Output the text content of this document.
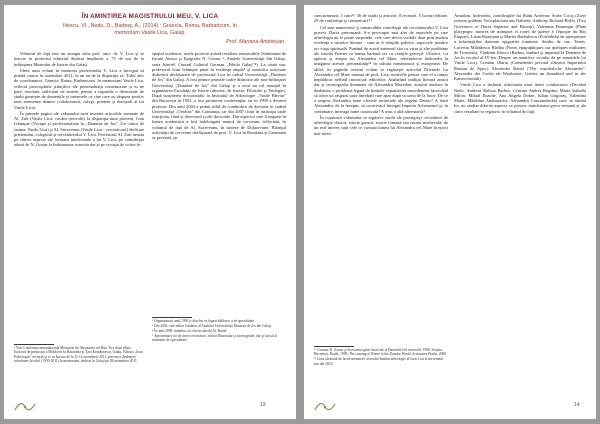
ÎN AMINTIREA MAGISTRULUI MEU, V. LICA
Iliescu, Vl., Nedu, D., Barboş, A., (2014) : Graecia, Roma, Barbaricum. In
memoriam Vasile Lica, Galaţi.
Prof. Mariana Andrieşan

Volumul de faţă este un omagiu adus prof. univ. dr. V. Lica şi se înscrie în proiectul editorial dedicat împlinirii a 75 de ani de la înfiinţarea Muzeului de Istorie din Galaţi.

Ideea unui volum în memoria profesorului V. Lica a încoţpat să prindă contur în noiembrie 2011, la un an de la dispariţia sa. Titlul ales de coordonatori, Graecia, Roma, Barbaricum. In memoriam Vasile Lica, reflectă preocupările ştiinţifice ale personalităţii comemorate şi m ne pare, totodată, sufficient de sintetic pentru a cuprinde o diversitate de studii generate de domeniile şi interesele ce căre care ou răspuns pozitiv unei asemenea demers (colaboratori, colegi, prieteni şi discipoli ai lui Vasile Lica).

În primele pagini ale volumului sunt inserate articolele semnate de Al. Zub (Vasile Lica: cuvânt (necrolit) la dispariţia unui prieten), Ivan Ivlampie (Vocaţie şi profesionalism la „Dunarea de Jos". Un cititor de seama: Vasile Lica) şi Al. Suceveanu (Vasile Lica - cercetătorul) dedicate prietenului, colegului şi cercetătorului V. Lica. Profesorul Al. Zub insista pe câteva aspecte ale formarii intelectuale a lui V. Lica, pe contribuţia adusă de N. Gostar la îndrumarea acestuia dar şi pe vocaţia de cititor în

¹ Vezi Conferinţa internaţională Memoriei lui Alexandru cel Bun. În a doua ediţie, Istoricul de primă aur a Moldovei la Basarabia şi Ţara Românească, Galaţi, Editura „Ioan Paleologue" rectorul şi se va bucura de la 11-12 noiembrie 2011, precum o dezbatere referitoare la rolul (1950-2011) în memoriam, dedicat în Galaţi pe 28 noiembrie 2011.

spaţiul academic, unele proiecte având rezultate remarcabile (Seminarul de Istorie Antica şi Epigrafie N. Gostar ², Analele Universităţii din Galaţi, seria Istorie³, Central Cultural German „Fibula Galaţi"⁴). La căută sau, profesorul Ivan Ivlampie pune în evidenţă ampla⁵ şi marinica activitate didactică desfăşurată de profesorul Lica în cadrul Universităţii „Dunărea de Jos" din Galaţi. A fost printre primele cadre didactice ale nou-înfiinţatei Universităţi „Dunărea de Jos" din Galaţi şi a avut un rol esenţial în organizarea Facultăţii de Istorie (ulterior, de Istorie, Filosofie şi Teologie). După susţinerea doctoratului la Institutul de Arheologie „Vasile Pârvan" din Bucureşti în 1992, a fost promovat conferenţiar, iar în 1999 a devenit profesor. Din anul 2004 a primit titlul de conducător de doctorat în cadrul Universităţii „Ovidius" din Constanţa, iar din 2007 chiar în instituţia unde funcţiona, fiind şi directorul şcolii doctorale. Dar aspectul care îi impune în lumea academică a fost îndelungata muncă de cercetare, reflectată, în volumul de faţă de Al. Suceveanu, în sinteze de Doktorvater. Bilanţul activităţii de cercetare desfăşurată de prof. V. Lica în România şi Germania se prezintă, pe

² Organizatorii anul 1990 şi deschis cu legata bibliotec a de specialitate.

³ Din 2002, este editor fondator al Analelor Universităţii Dunarea de Jos din Galaţi.

⁴ În anul 2009, membru al colectivului de Al. Rubel.

⁵ Aproximativ tot de tineri cercetători, istoria Bizantului şi istoriografie, dar şi cursul al seminarii de specialitate.

13

cum urmează: 3 carti¹², 36 de studii şi articole, 8 recenzii, 5 lucrari editate, 29 de conferinţe şi comunicari.¹³

Cel mai numeroase şi remarcabile contribuţii ale cercetătorului V. Lica privesc Dacia preromană. S-a preocupat mai ales de aspectele pe care arheologia nu le poate surprinde, cele care devin vizibile doar prin analiza evidenţă a surselor literare - cum ar fi relaţiile politice, aspectele juridice ori viaţa spirituală. Punând de acord interesul său ca vizat şi alte probleme ale istoriei Romei cu lumea barbară ori cu cetăţile greceşti. Ulterior, s-a aplecat şi asupra lui Alexandru cel Mare, referindu-se îndeosebi la imaginea acestei personalităţi¹⁴ în cultura românească şi europeană. De altfel, în paginile acestui volum se regăseşte articolul Dilemele lui Alexandru cel Mare semnat de prof. Lica, motivele pentru care el a ramas nepublicat nefiind cunoscute editorilor. Analizând tradiţia literară antică dar şi istoriografia dominate de Alexandru Macedon, autorul readuce în dezbatere o problemă legată de limitele expansiunii macedonene încercând să ofere un răspuns unor întrebări care apar după victoria de la Issos: De ce a respins Alexandru toate ofertele teritoriale ale regelui Darius? A dorit Alexandru, de la început, să cucerească întregul Imperiu Achemenid şi, în continuare, întreaga lume cunoscută? A avut o altă alternativă?

În cuprinsul volumului se regăsesc studii ale prestigioşi cercetători de arheologie clasică, istorie greacă, istorie romană sau istorie medievală; de un real interes sunt cele ce vizează lumea lui Alexandru cel Mare în epoci mai târzii.

¹² Coautor R. Gostar şi Scrisoarea grim-dacei ale is Barandoi Ioli neverold, 1998, Scripta, Bucureşti, Braila, 1999; The coming of Rome to the Danube World, Scrisoarea Braila, 2000.

¹³ Lista alcătuită de Iacob memoriei al noului Institut arheologic al Ioan Lica la mecenatul său din 2010.

Amintim, îndeosebi, contribuţiile lui Radu Ardevan, Sorin Cociş (Zwei weitere goldene Votivplatchen aus Dakien), Anthony Richard Birley (Two Governors of Dacia Superior and Britain), Valentina Bounegru (Plata platypegis: navires de transport et roues de guerre à l'époque du Bas Empire), Lizan Buzoianu şi Mariei Barbulescu (Posibilităţi de interpretare a informaţiilor datorate epigrafiei tomitane. Studiu de caz: Tomis, Lucretiu Mihăilescu Bîrliba (Notes épigraphiques sur quelques militaires de Troesmis), Vladimir Iliescu (Barbus, barbari şi imperiul la Dunărea de Jos în secolul al IV-lea. Despre un manifest: ecoului de pe monedele lui Vasile Lica), Cristian Olariu (Considerări privind sfârşitul Imperiului Roman de Apus), Alexander Rubel ("Der wunderliche Alexander". Alexander der Große als Wertkaiser. Gothes im Annaltied und in der Kaiserchronik).

Vasile Lica a încheiat activitatea unor tineri colaboratori (Decebal Nedu, Andreea Raluca Barbos, Cristina Andrei Bogdan, Maria Isabella Miron, Mihail Enache, Ana Angela Dobre, Iulian Grigoraş, Valentina Matei, Mădălina Andronache, Alexandru Constandache) care, ta rândul lor, au studiat diferite aspecte ce privesc antichitatea greco-romană şi ale căror rezultate se regăsesc în volumul de faţă.

14
